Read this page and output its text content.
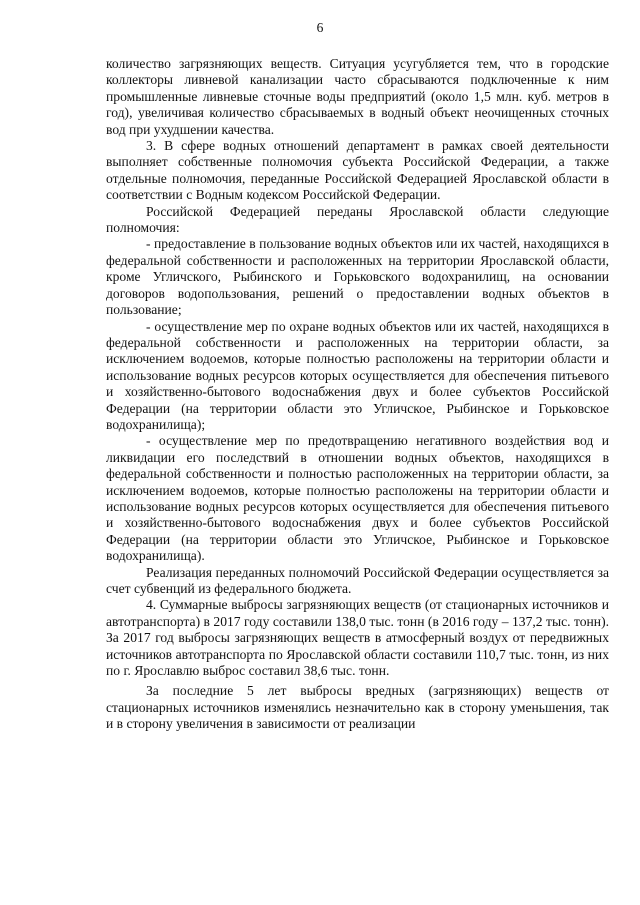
6

количество загрязняющих веществ. Ситуация усугубляется тем, что в городские коллекторы ливневой канализации часто сбрасываются подключенные к ним промышленные ливневые сточные воды предприятий (около 1,5 млн. куб. метров в год), увеличивая количество сбрасываемых в водный объект неочищенных сточных вод при ухудшении качества.

3. В сфере водных отношений департамент в рамках своей деятельности выполняет собственные полномочия субъекта Российской Федерации, а также отдельные полномочия, переданные Российской Федерацией Ярославской области в соответствии с Водным кодексом Российской Федерации.

Российской Федерацией переданы Ярославской области следующие полномочия:

- предоставление в пользование водных объектов или их частей, находящихся в федеральной собственности и расположенных на территории Ярославской области, кроме Угличского, Рыбинского и Горьковского водохранилищ, на основании договоров водопользования, решений о предоставлении водных объектов в пользование;

- осуществление мер по охране водных объектов или их частей, находящихся в федеральной собственности и расположенных на территории области, за исключением водоемов, которые полностью расположены на территории области и использование водных ресурсов которых осуществляется для обеспечения питьевого и хозяйственно-бытового водоснабжения двух и более субъектов Российской Федерации (на территории области это Угличское, Рыбинское и Горьковское водохранилища);

- осуществление мер по предотвращению негативного воздействия вод и ликвидации его последствий в отношении водных объектов, находящихся в федеральной собственности и полностью расположенных на территории области, за исключением водоемов, которые полностью расположены на территории области и использование водных ресурсов которых осуществляется для обеспечения питьевого и хозяйственно-бытового водоснабжения двух и более субъектов Российской Федерации (на территории области это Угличское, Рыбинское и Горьковское водохранилища).

Реализация переданных полномочий Российской Федерации осуществляется за счет субвенций из федерального бюджета.

4. Суммарные выбросы загрязняющих веществ (от стационарных источников и автотранспорта) в 2017 году составили 138,0 тыс. тонн (в 2016 году – 137,2 тыс. тонн). За 2017 год выбросы загрязняющих веществ в атмосферный воздух от передвижных источников автотранспорта по Ярославской области составили 110,7 тыс. тонн, из них по г. Ярославлю выброс составил 38,6 тыс. тонн.

За последние 5 лет выбросы вредных (загрязняющих) веществ от стационарных источников изменялись незначительно как в сторону уменьшения, так и в сторону увеличения в зависимости от реализации
